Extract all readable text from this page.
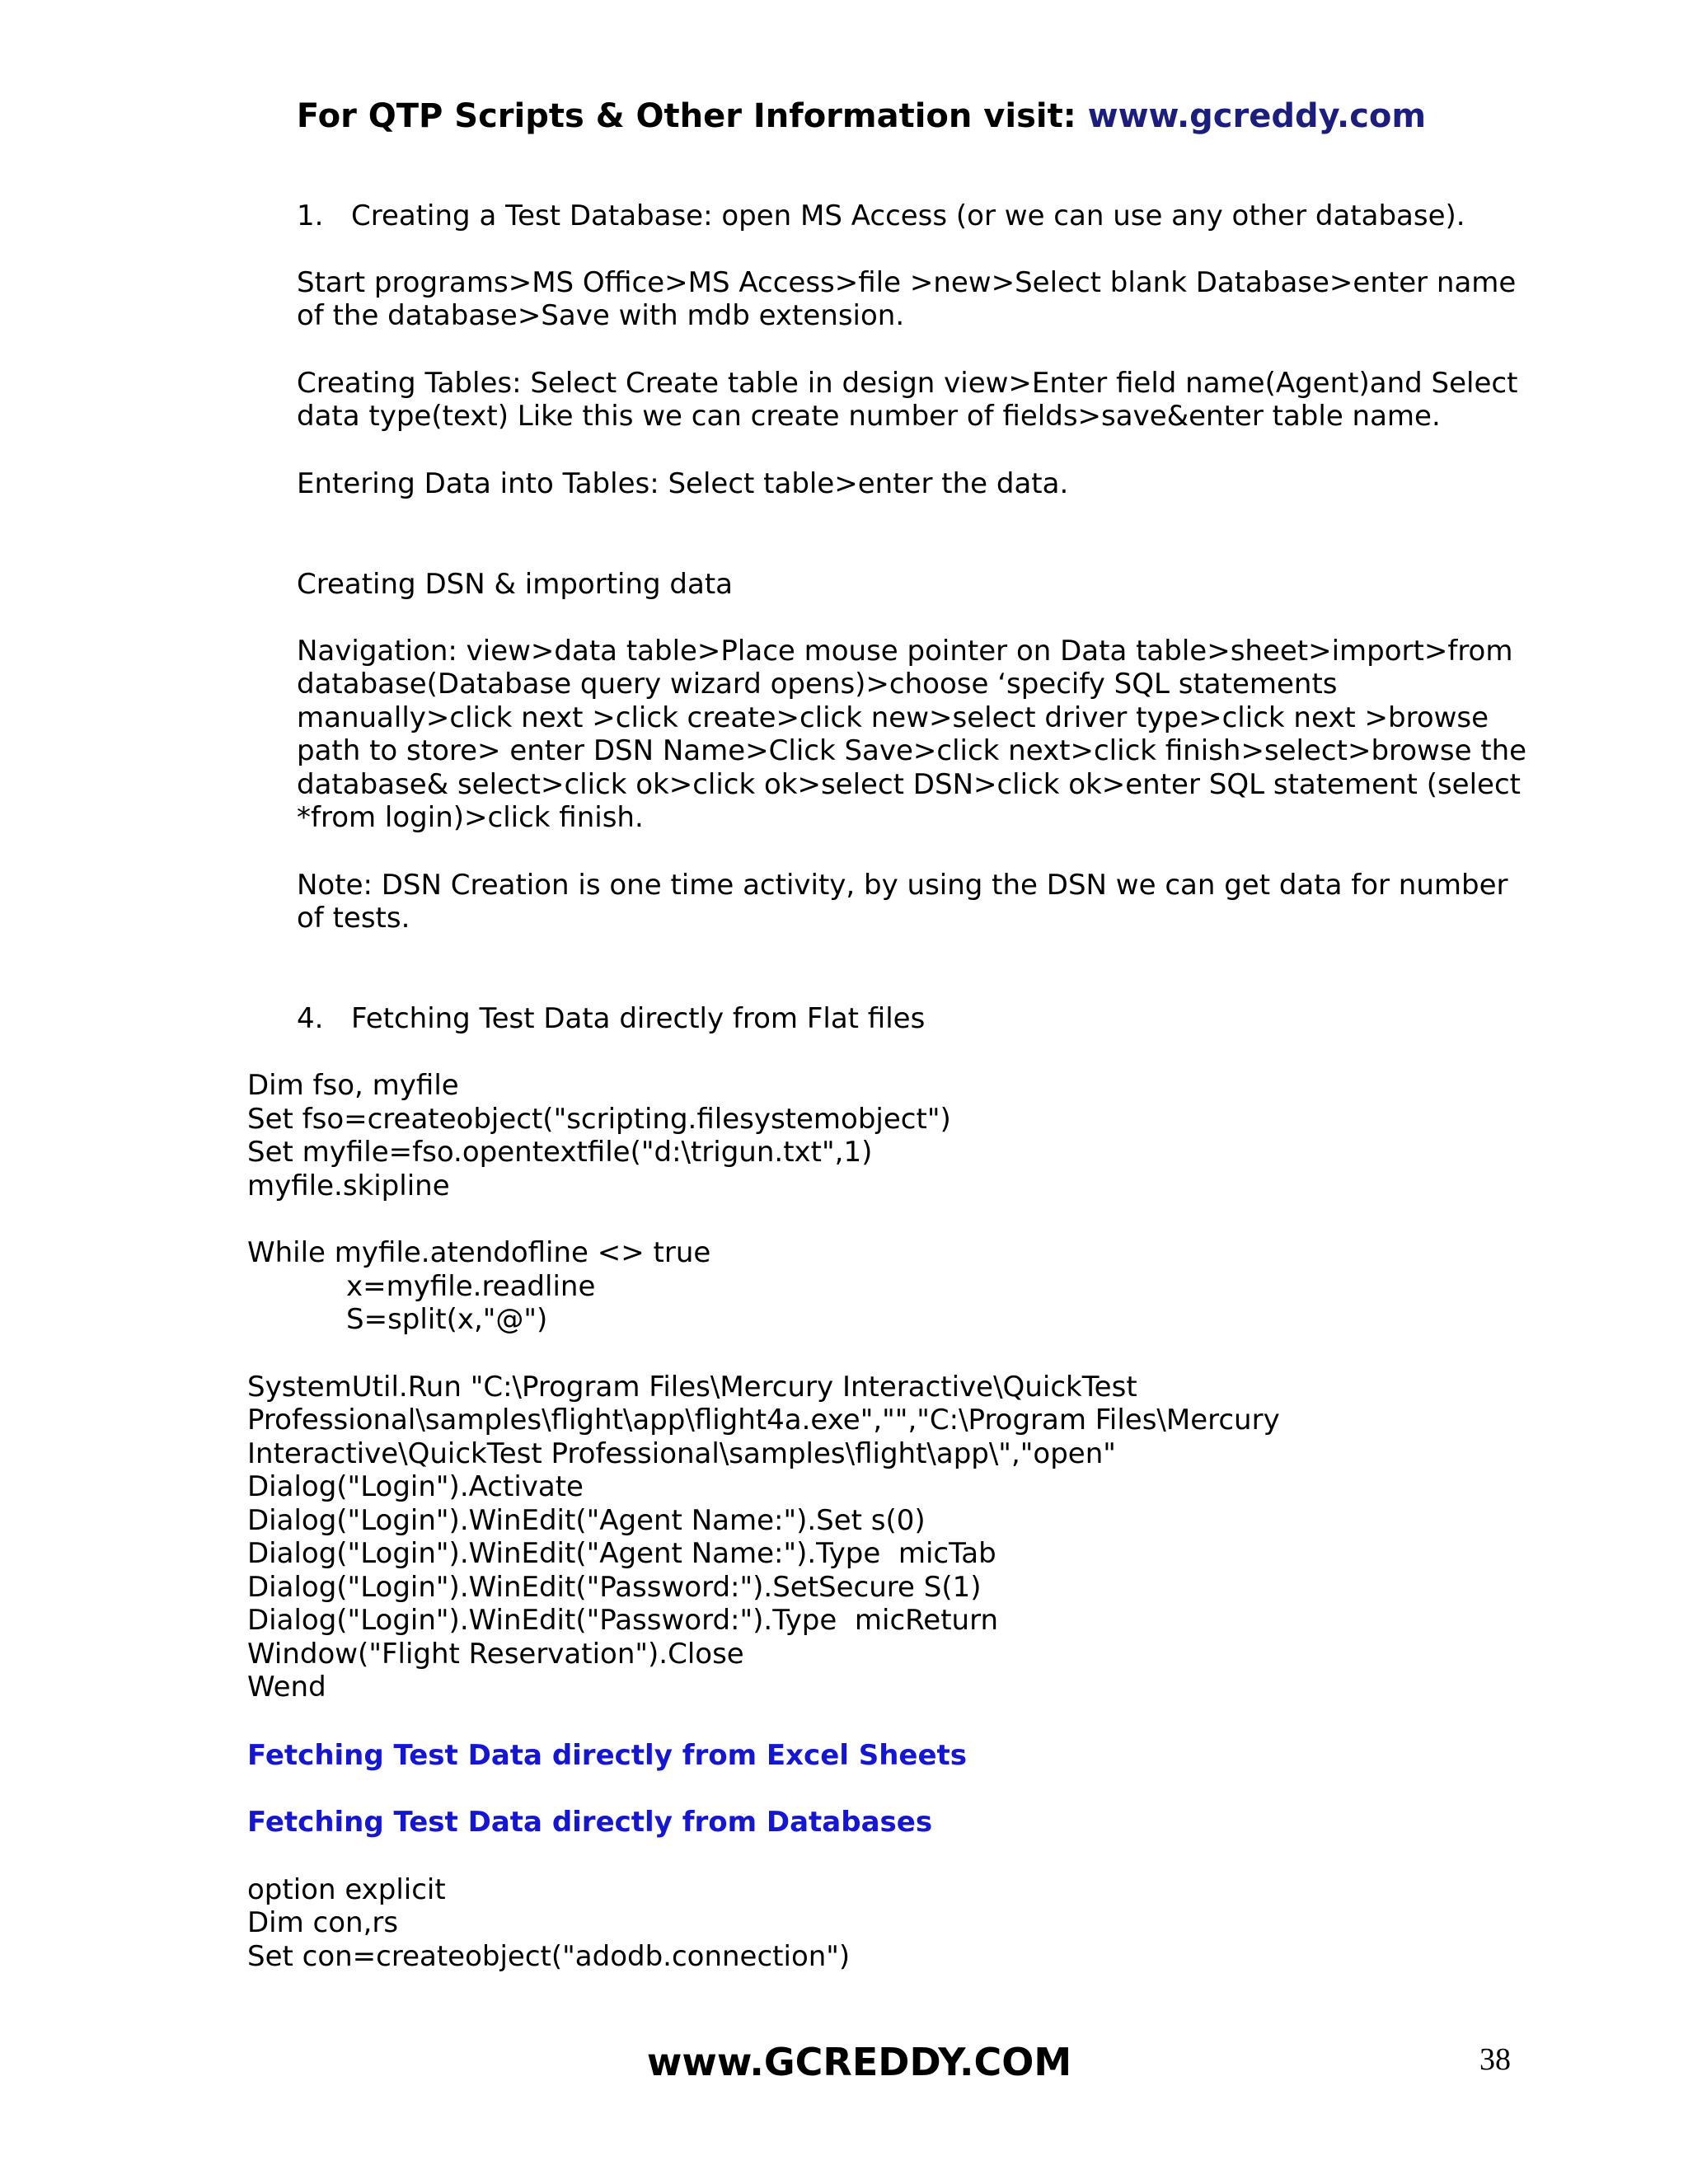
For QTP Scripts & Other Information visit: www.gcreddy.com
1. Creating a Test Database: open MS Access (or we can use any other database).
Start programs>MS Office>MS Access>file >new>Select blank Database>enter name
of the database>Save with mdb extension.
Creating Tables: Select Create table in design view>Enter field name(Agent)and Select
data type(text) Like this we can create number of fields>save&enter table name.
Entering Data into Tables: Select table>enter the data.
Creating DSN & importing data
Navigation: view>data table>Place mouse pointer on Data table>sheet>import>from
database(Database query wizard opens)>choose ‘specify SQL statements
manually>click next >click create>click new>select driver type>click next >browse
path to store> enter DSN Name>Click Save>click next>click finish>select>browse the
database& select>click ok>click ok>select DSN>click ok>enter SQL statement (select
*from login)>click finish.
Note: DSN Creation is one time activity, by using the DSN we can get data for number
of tests.
4. Fetching Test Data directly from Flat files
Dim fso, myfile
Set fso=createobject("scripting.filesystemobject")
Set myfile=fso.opentextfile("d:\trigun.txt",1)
myfile.skipline
While myfile.atendofline <> true
x=myfile.readline
S=split(x,"@")
SystemUtil.Run "C:\Program Files\Mercury Interactive\QuickTest
Professional\samples\flight\app\flight4a.exe","","C:\Program Files\Mercury
Interactive\QuickTest Professional\samples\flight\app\","open"
Dialog("Login").Activate
Dialog("Login").WinEdit("Agent Name:").Set s(0)
Dialog("Login").WinEdit("Agent Name:").Type  micTab
Dialog("Login").WinEdit("Password:").SetSecure S(1)
Dialog("Login").WinEdit("Password:").Type  micReturn
Window("Flight Reservation").Close
Wend
Fetching Test Data directly from Excel Sheets
Fetching Test Data directly from Databases
option explicit
Dim con,rs
Set con=createobject("adodb.connection")
www.GCREDDY.COM	38
